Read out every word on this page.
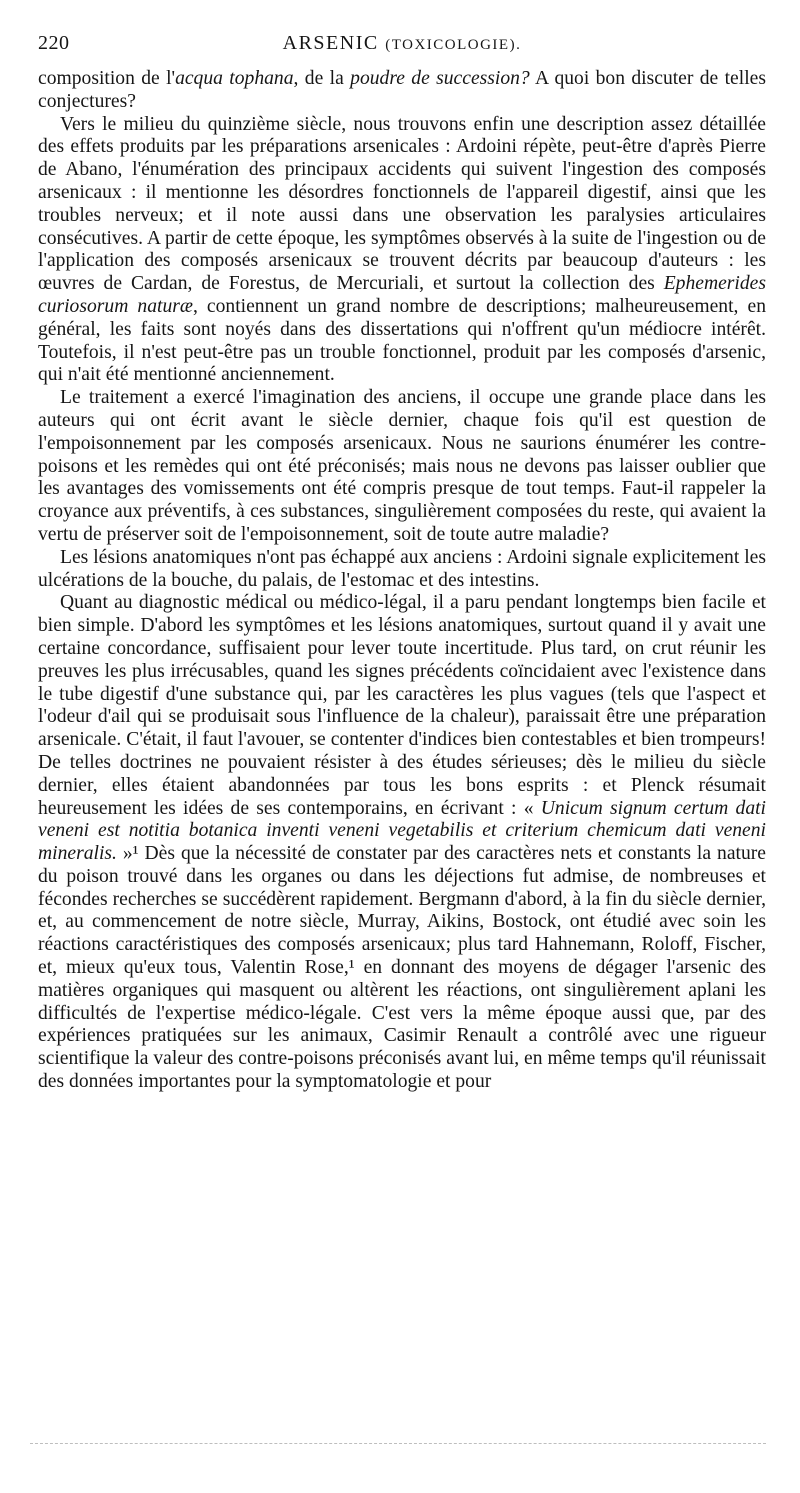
220	ARSENIC (TOXICOLOGIE).

composition de l'acqua tophana, de la poudre de succession? A quoi bon discuter de telles conjectures?

Vers le milieu du quinzième siècle, nous trouvons enfin une description assez détaillée des effets produits par les préparations arsenicales : Ardoini répète, peut-être d'après Pierre de Abano, l'énumération des principaux accidents qui suivent l'ingestion des composés arsenicaux : il mentionne les désordres fonctionnels de l'appareil digestif, ainsi que les troubles nerveux; et il note aussi dans une observation les paralysies articulaires consécutives. A partir de cette époque, les symptômes observés à la suite de l'ingestion ou de l'application des composés arsenicaux se trouvent décrits par beaucoup d'auteurs : les œuvres de Cardan, de Forestus, de Mercuriali, et surtout la collection des Ephemerides curiosorum naturæ, contiennent un grand nombre de descriptions; malheureusement, en général, les faits sont noyés dans des dissertations qui n'offrent qu'un médiocre intérêt. Toutefois, il n'est peut-être pas un trouble fonctionnel, produit par les composés d'arsenic, qui n'ait été mentionné anciennement.

Le traitement a exercé l'imagination des anciens, il occupe une grande place dans les auteurs qui ont écrit avant le siècle dernier, chaque fois qu'il est question de l'empoisonnement par les composés arsenicaux. Nous ne saurions énumérer les contre-poisons et les remèdes qui ont été préconisés; mais nous ne devons pas laisser oublier que les avantages des vomissements ont été compris presque de tout temps. Faut-il rappeler la croyance aux préventifs, à ces substances, singulièrement composées du reste, qui avaient la vertu de préserver soit de l'empoisonnement, soit de toute autre maladie?

Les lésions anatomiques n'ont pas échappé aux anciens : Ardoini signale explicitement les ulcérations de la bouche, du palais, de l'estomac et des intestins.

Quant au diagnostic médical ou médico-légal, il a paru pendant longtemps bien facile et bien simple. D'abord les symptômes et les lésions anatomiques, surtout quand il y avait une certaine concordance, suffisaient pour lever toute incertitude. Plus tard, on crut réunir les preuves les plus irrécusables, quand les signes précédents coïncidaient avec l'existence dans le tube digestif d'une substance qui, par les caractères les plus vagues (tels que l'aspect et l'odeur d'ail qui se produisait sous l'influence de la chaleur), paraissait être une préparation arsenicale. C'était, il faut l'avouer, se contenter d'indices bien contestables et bien trompeurs! De telles doctrines ne pouvaient résister à des études sérieuses; dès le milieu du siècle dernier, elles étaient abandonnées par tous les bons esprits : et Plenck résumait heureusement les idées de ses contemporains, en écrivant : « Unicum signum certum dati veneni est notitia botanica inventi veneni vegetabilis et criterium chemicum dati veneni mineralis. »¹ Dès que la nécessité de constater par des caractères nets et constants la nature du poison trouvé dans les organes ou dans les déjections fut admise, de nombreuses et fécondes recherches se succédèrent rapidement. Bergmann d'abord, à la fin du siècle dernier, et, au commencement de notre siècle, Murray, Aikins, Bostock, ont étudié avec soin les réactions caractéristiques des composés arsenicaux; plus tard Hahnemann, Roloff, Fischer, et, mieux qu'eux tous, Valentin Rose,¹ en donnant des moyens de dégager l'arsenic des matières organiques qui masquent ou altèrent les réactions, ont singulièrement aplani les difficultés de l'expertise médico-légale. C'est vers la même époque aussi que, par des expériences pratiquées sur les animaux, Casimir Renault a contrôlé avec une rigueur scientifique la valeur des contre-poisons préconisés avant lui, en même temps qu'il réunissait des données importantes pour la symptomatologie et pour
